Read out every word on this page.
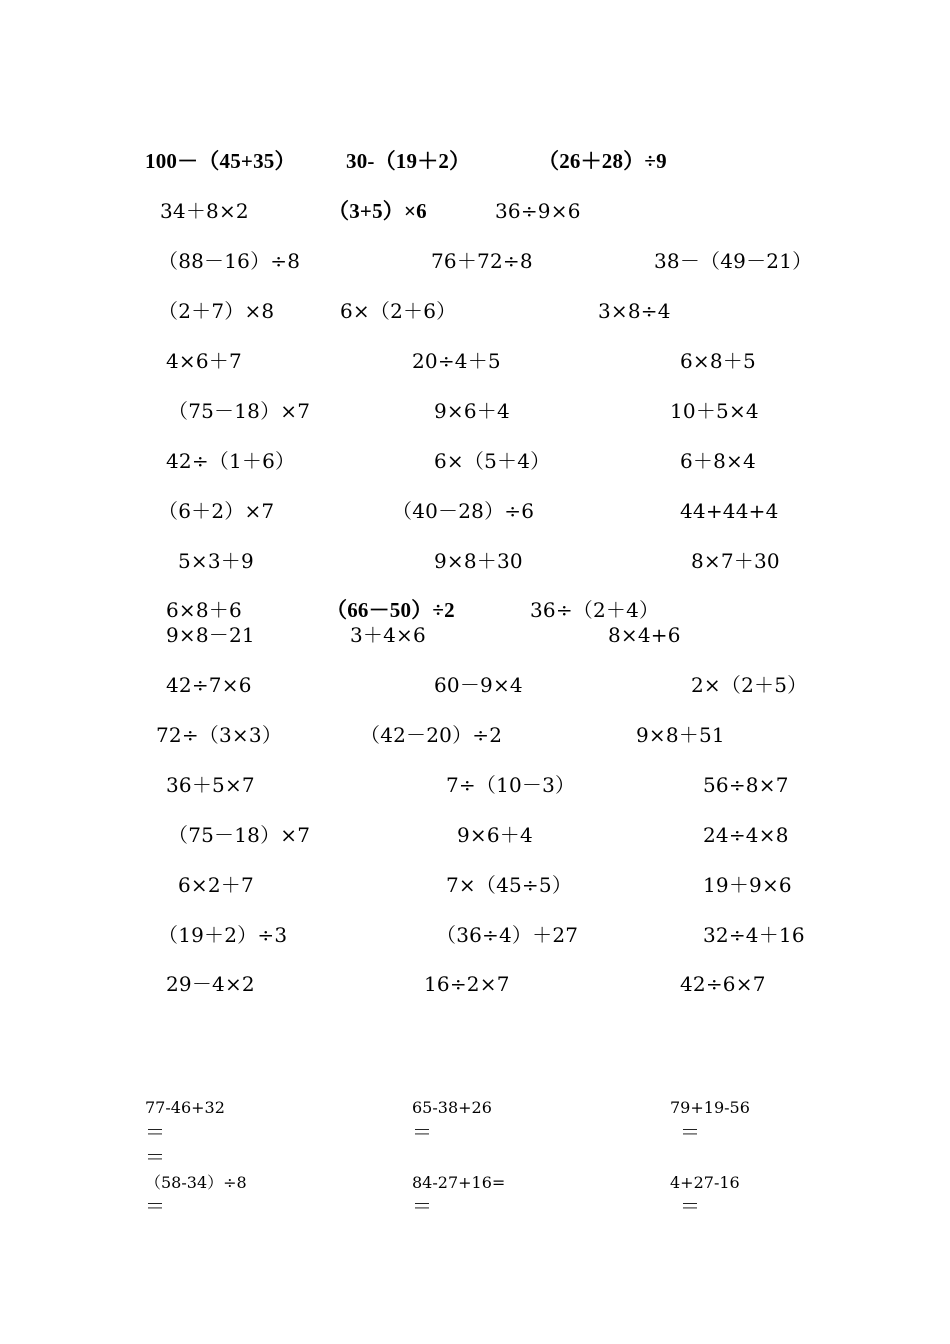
100－（45+35） 30-（19＋2）	（26＋28）÷9
34＋8×2	（3+5）×6	36÷9×6
（88－16）÷8	76＋72÷8	38－（49－21）
（2＋7）×8	6×（2＋6）	3×8÷4
4×6＋7	20÷4＋5	6×8＋5
（75－18）×7	9×6＋4	10＋5×4
42÷（1＋6）	6×（5＋4）	6＋8×4
（6＋2）×7	（40－28）÷6	44+44+4
5×3＋9	9×8＋30	8×7＋30
6×8＋6	（66－50）÷2	36÷（2＋4）
9×8－21	3＋4×6	8×4+6
42÷7×6	60－9×4	2×（2＋5）
72÷（3×3）	（42－20）÷2	9×8＋51
36＋5×7	7÷（10－3）	56÷8×7
（75－18）×7	9×6＋4	24÷4×8
6×2＋7	7×（45÷5）	19＋9×6
（19＋2）÷3	（36÷4）＋27	32÷4＋16
29－4×2	16÷2×7	42÷6×7
77-46+32	65-38+26	79+19-56
＝	＝	＝
＝
（58-34）÷8	84-27+16=	4+27-16
＝	＝	＝
